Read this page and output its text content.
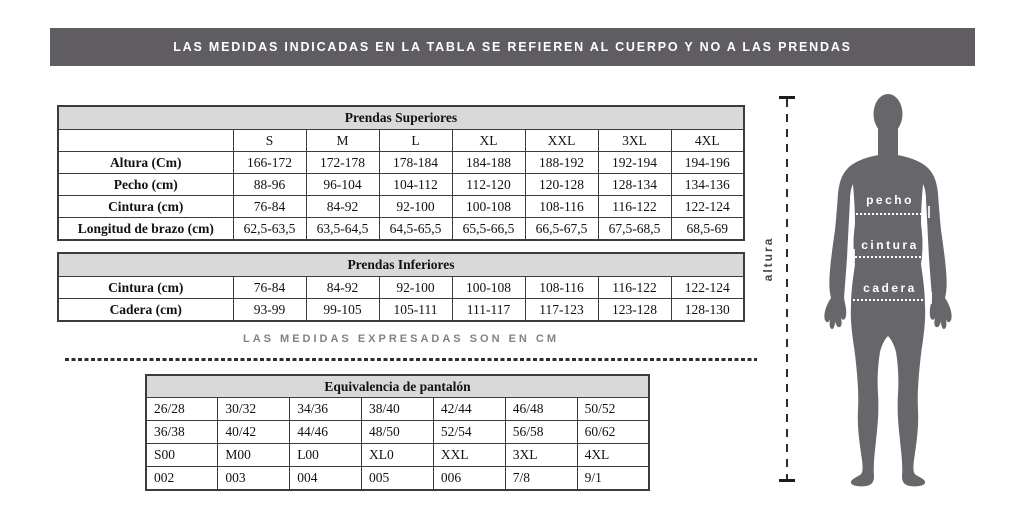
LAS MEDIDAS INDICADAS EN LA TABLA SE REFIEREN AL CUERPO Y NO A LAS PRENDAS
Prendas Superiores							
	S	M	L	XL	XXL	3XL	4XL
Altura (Cm)	166-172	172-178	178-184	184-188	188-192	192-194	194-196
Pecho (cm)	88-96	96-104	104-112	112-120	120-128	128-134	134-136
Cintura (cm)	76-84	84-92	92-100	100-108	108-116	116-122	122-124
Longitud de brazo (cm)	62,5-63,5	63,5-64,5	64,5-65,5	65,5-66,5	66,5-67,5	67,5-68,5	68,5-69
Prendas Inferiores							
Cintura (cm)	76-84	84-92	92-100	100-108	108-116	116-122	122-124
Cadera (cm)	93-99	99-105	105-111	111-117	117-123	123-128	128-130
LAS MEDIDAS EXPRESADAS SON EN CM
Equivalencia de pantalón						
26/28	30/32	34/36	38/40	42/44	46/48	50/52
36/38	40/42	44/46	48/50	52/54	56/58	60/62
S00	M00	L00	XL0	XXL	3XL	4XL
002	003	004	005	006	7/8	9/1
altura
pecho
cintura
cadera
